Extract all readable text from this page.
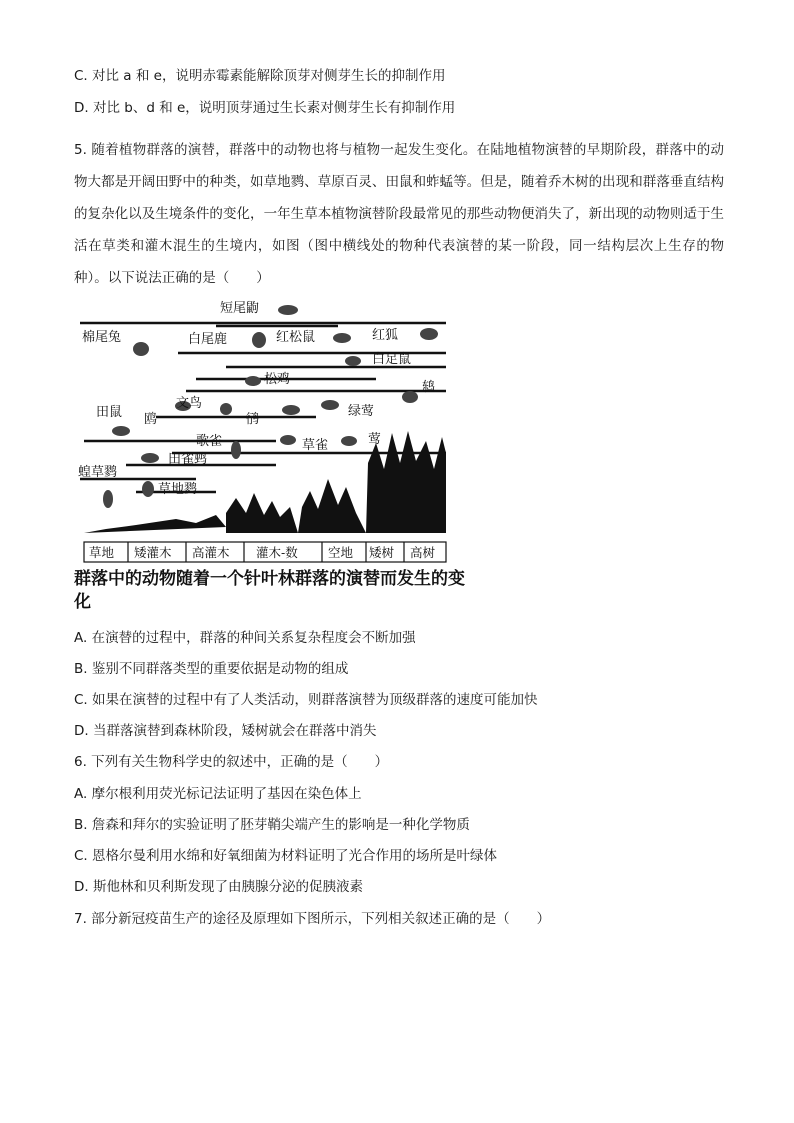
C. 对比 a 和 e，说明赤霉素能解除顶芽对侧芽生长的抑制作用
D. 对比 b、d 和 e，说明顶芽通过生长素对侧芽生长有抑制作用
5. 随着植物群落的演替，群落中的动物也将与植物一起发生变化。在陆地植物演替的早期阶段，群落中的动物大都是开阔田野中的种类，如草地鹨、草原百灵、田鼠和蚱蜢等。但是，随着乔木树的出现和群落垂直结构的复杂化以及生境条件的变化，一年生草本植物演替阶段最常见的那些动物便消失了，新出现的动物则适于生活在草类和灌木混生的生境内，如图（图中横线处的物种代表演替的某一阶段，同一结构层次上生存的物种）。以下说法正确的是（　　）
短尾鼩
棉尾兔	白尾鹿	红松鼠	红狐
白足鼠
松鸡
文鸟
鸫
田鼠 鸥	鸻
绿莺
歌雀	草雀	莺
蝗草鹨
田雀鹀
草地鹨
草地 矮灌木 高灌木 灌木-数 空地 矮树 高树
群落中的动物随着一个针叶林群落的演替而发生的变化
A. 在演替的过程中，群落的种间关系复杂程度会不断加强
B. 鉴别不同群落类型的重要依据是动物的组成
C. 如果在演替的过程中有了人类活动，则群落演替为顶级群落的速度可能加快
D. 当群落演替到森林阶段，矮树就会在群落中消失
6. 下列有关生物科学史的叙述中，正确的是（　　）
A. 摩尔根利用荧光标记法证明了基因在染色体上
B. 詹森和拜尔的实验证明了胚芽鞘尖端产生的影响是一种化学物质
C. 恩格尔曼利用水绵和好氧细菌为材料证明了光合作用的场所是叶绿体
D. 斯他林和贝利斯发现了由胰腺分泌的促胰液素
7. 部分新冠疫苗生产的途径及原理如下图所示，下列相关叙述正确的是（　　）
